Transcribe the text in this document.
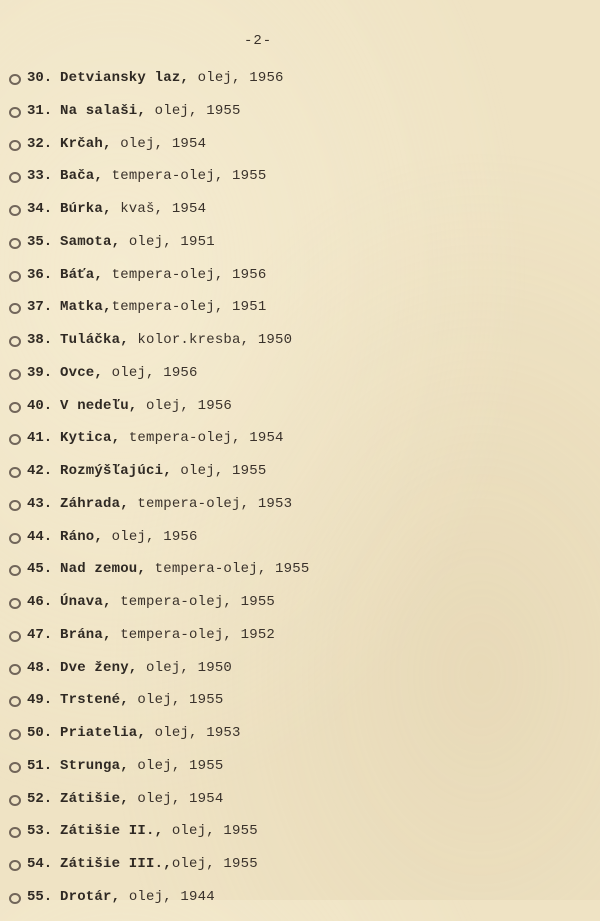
-2-
30. Detviansky laz, olej, 1956
31. Na salaši, olej, 1955
32. Krčah, olej, 1954
33. Bača, tempera-olej, 1955
34. Búrka, kvaš, 1954
35. Samota, olej, 1951
36. Báťa, tempera-olej, 1956
37. Matka,tempera-olej, 1951
38. Tuláčka, kolor.kresba, 1950
39. Ovce, olej, 1956
40. V nedeľu, olej, 1956
41. Kytica, tempera-olej, 1954
42. Rozmýšľajúci, olej, 1955
43. Záhrada, tempera-olej, 1953
44. Ráno, olej, 1956
45. Nad zemou, tempera-olej, 1955
46. Únava, tempera-olej, 1955
47. Brána, tempera-olej, 1952
48. Dve ženy, olej, 1950
49. Trstené, olej, 1955
50. Priatelia, olej, 1953
51. Strunga, olej, 1955
52. Zátišie, olej, 1954
53. Zátišie II., olej, 1955
54. Zátišie III.,olej, 1955
55. Drotár, olej, 1944
